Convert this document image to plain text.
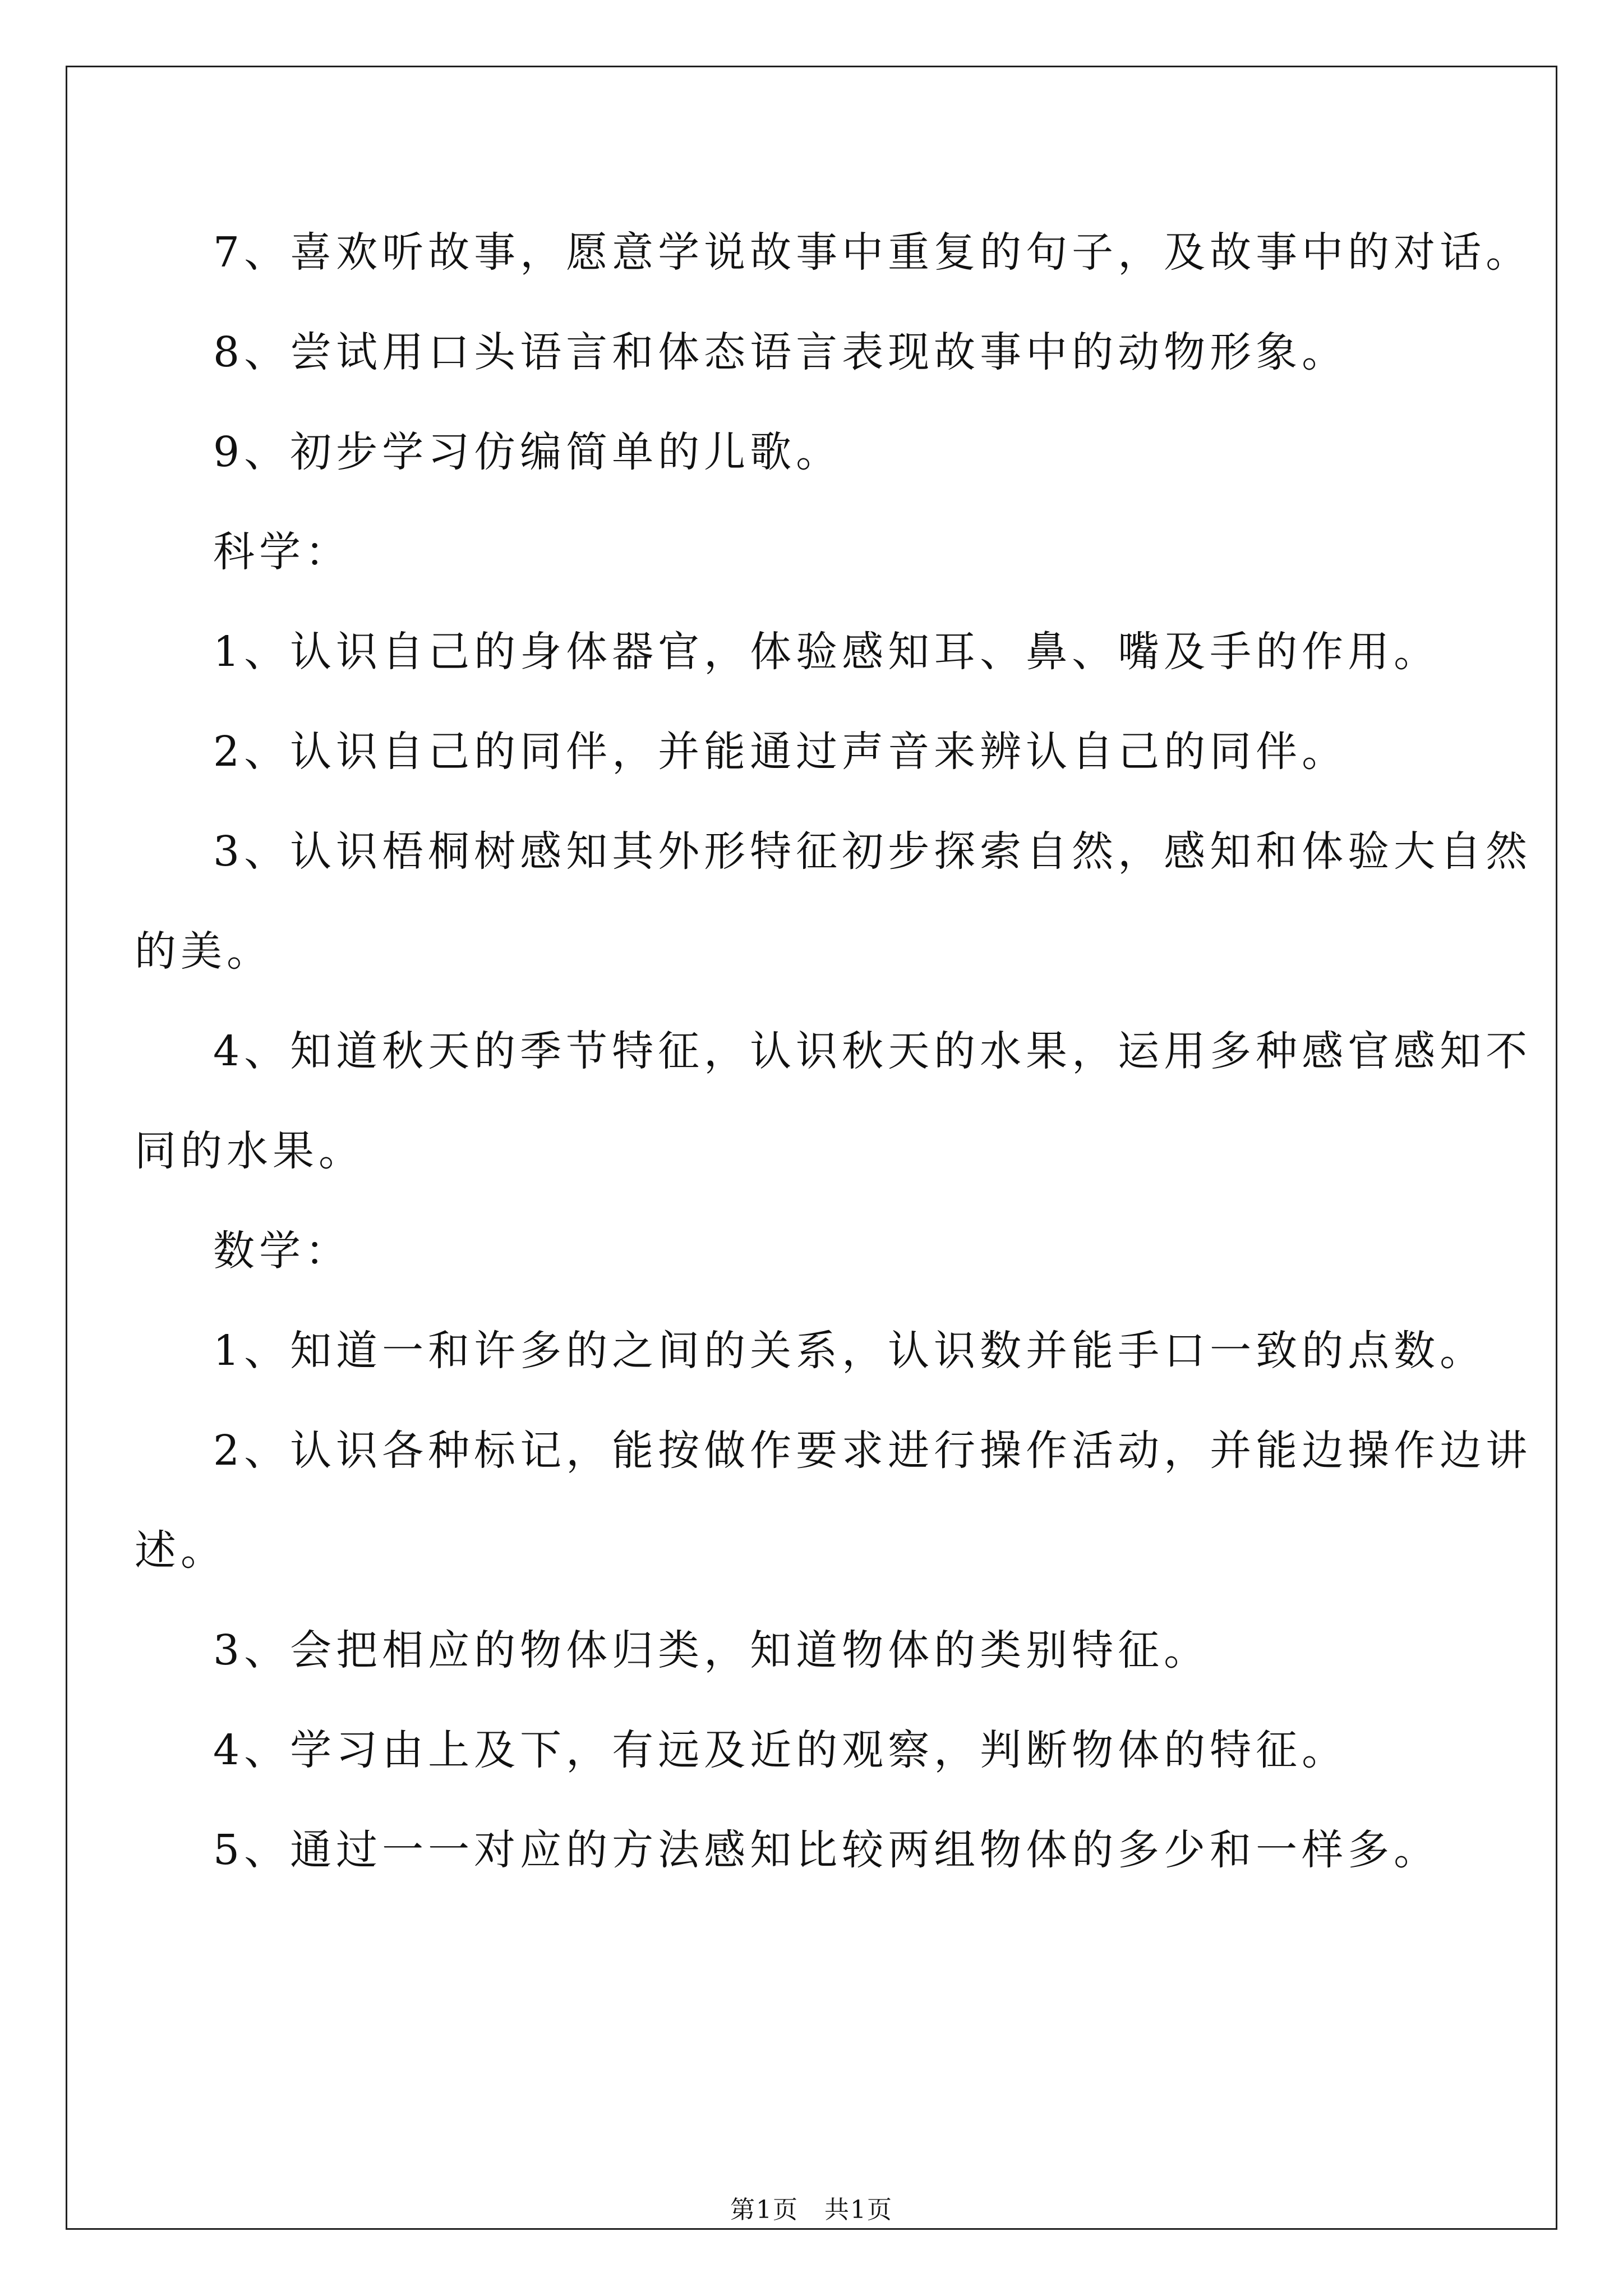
7、喜欢听故事，愿意学说故事中重复的句子，及故事中的对话。
8、尝试用口头语言和体态语言表现故事中的动物形象。
9、初步学习仿编简单的儿歌。
科学：
1、认识自己的身体器官，体验感知耳、鼻、嘴及手的作用。
2、认识自己的同伴，并能通过声音来辨认自己的同伴。
3、认识梧桐树感知其外形特征初步探索自然，感知和体验大自然
的美。
4、知道秋天的季节特征，认识秋天的水果，运用多种感官感知不
同的水果。
数学：
1、知道一和许多的之间的关系，认识数并能手口一致的点数。
2、认识各种标记，能按做作要求进行操作活动，并能边操作边讲
述。
3、会把相应的物体归类，知道物体的类别特征。
4、学习由上及下，有远及近的观察，判断物体的特征。
5、通过一一对应的方法感知比较两组物体的多少和一样多。
第1页　共1页
